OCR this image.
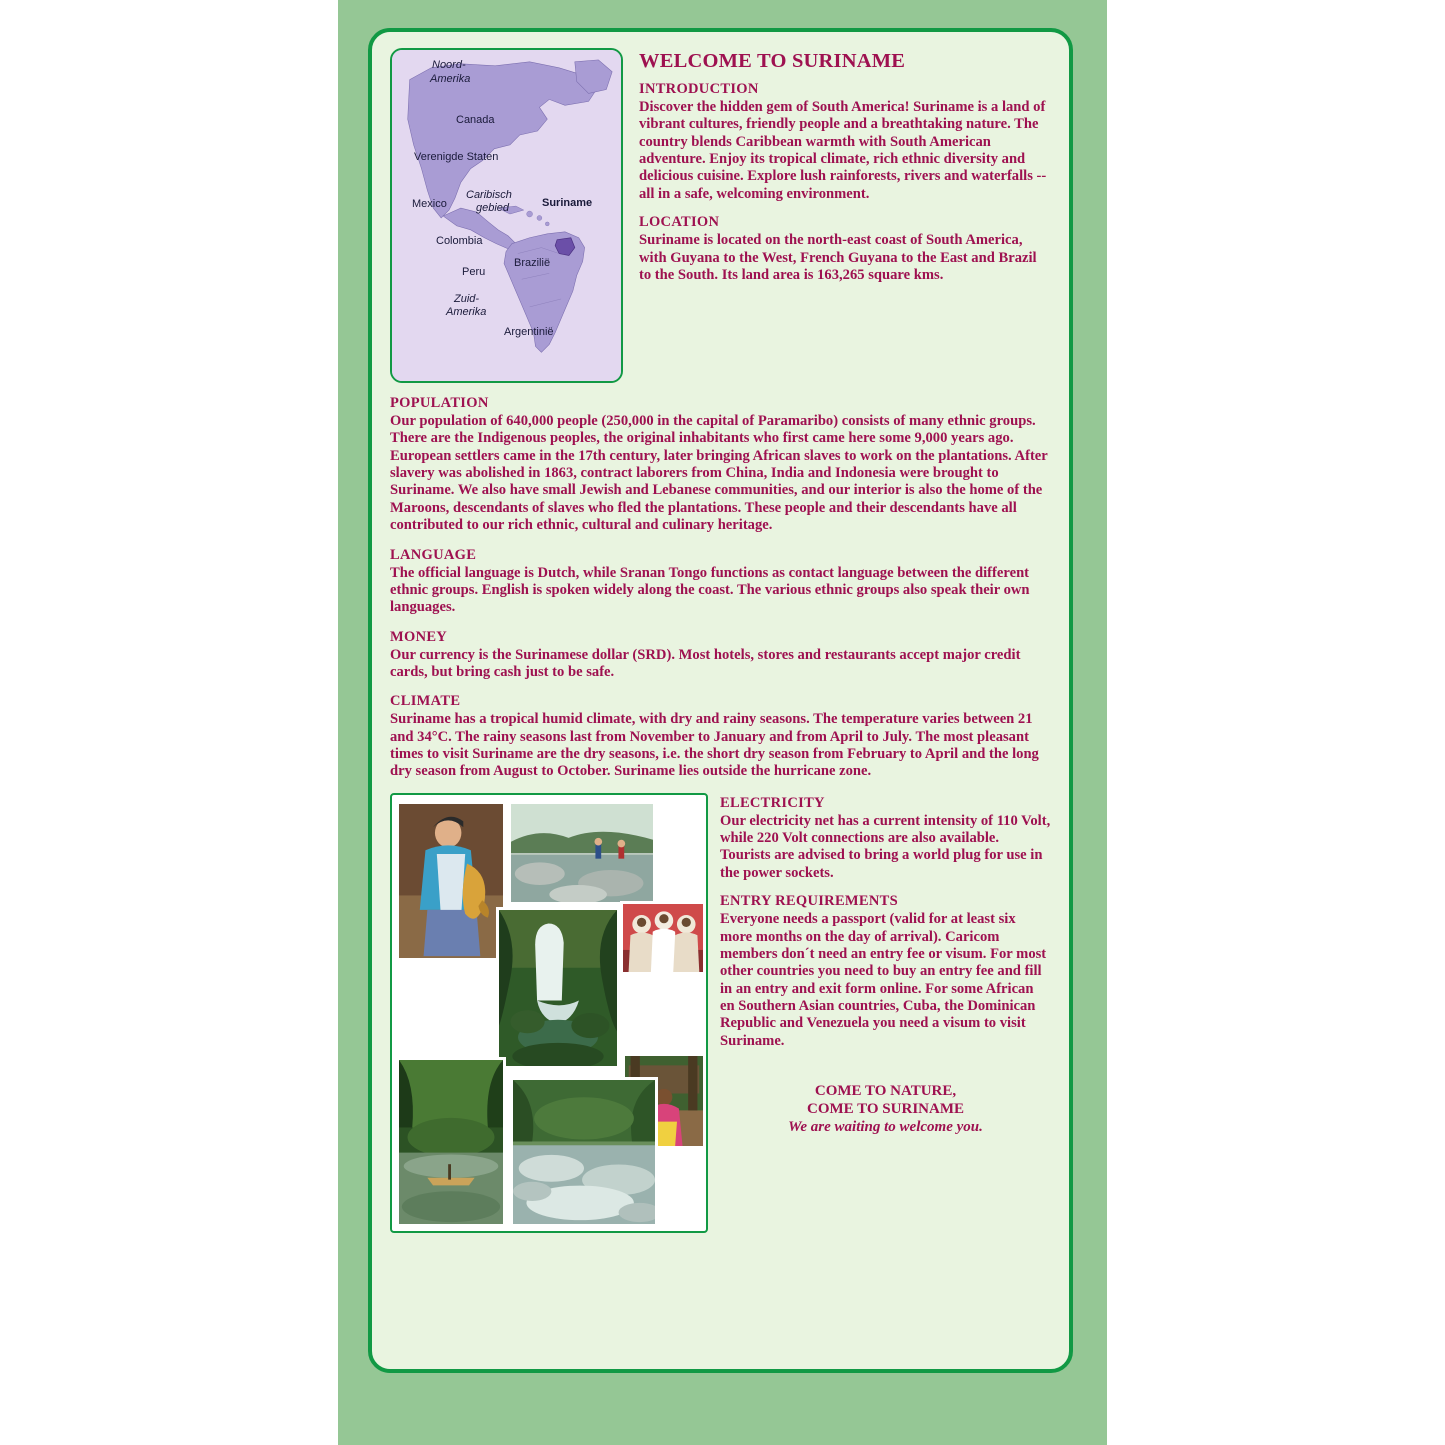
Noord-
Amerika
Canada
Verenigde Staten
Mexico
Caribisch
gebied	Suriname
Colombia
Peru
Brazilië
Zuid-
Amerika
Argentinië
WELCOME TO SURINAME
INTRODUCTION

Discover the hidden gem of South America! Suriname is a land of vibrant cultures, friendly people and a breathtaking nature. The country blends Caribbean warmth with South American adventure. Enjoy its tropical climate, rich ethnic diversity and delicious cuisine. Explore lush rainforests, rivers and waterfalls -- all in a safe, welcoming environment.

LOCATION

Suriname is located on the north-east coast of South America, with Guyana to the West, French Guyana to the East and Brazil to the South. Its land area is 163,265 square kms.

POPULATION

Our population of 640,000 people (250,000 in the capital of Paramaribo) consists of many ethnic groups. There are the Indigenous peoples, the original inhabitants who first came here some 9,000 years ago. European settlers came in the 17th century, later bringing African slaves to work on the plantations. After slavery was abolished in 1863, contract laborers from China, India and Indonesia were brought to Suriname. We also have small Jewish and Lebanese communities, and our interior is also the home of the Maroons, descendants of slaves who fled the plantations. These people and their descendants have all contributed to our rich ethnic, cultural and culinary heritage.

LANGUAGE

The official language is Dutch, while Sranan Tongo functions as contact language between the different ethnic groups. English is spoken widely along the coast. The various ethnic groups also speak their own languages.

MONEY

Our currency is the Surinamese dollar (SRD). Most hotels, stores and restaurants accept major credit cards, but bring cash just to be safe.

CLIMATE

Suriname has a tropical humid climate, with dry and rainy seasons. The temperature varies between 21 and 34°C. The rainy seasons last from November to January and from April to July. The most pleasant times to visit Suriname are the dry seasons, i.e. the short dry season from February to April and the long dry season from August to October. Suriname lies outside the hurricane zone.

ELECTRICITY

Our electricity net has a current intensity of 110 Volt, while 220 Volt connections are also available. Tourists are advised to bring a world plug for use in the power sockets.

ENTRY REQUIREMENTS

Everyone needs a passport (valid for at least six more months on the day of arrival). Caricom members don´t need an entry fee or visum. For most other countries you need to buy an entry fee and fill in an entry and exit form online. For some African en Southern Asian countries, Cuba, the Dominican Republic and Venezuela you need a visum to visit Suriname.

COME TO NATURE,
COME TO SURINAME
We are waiting to welcome you.
